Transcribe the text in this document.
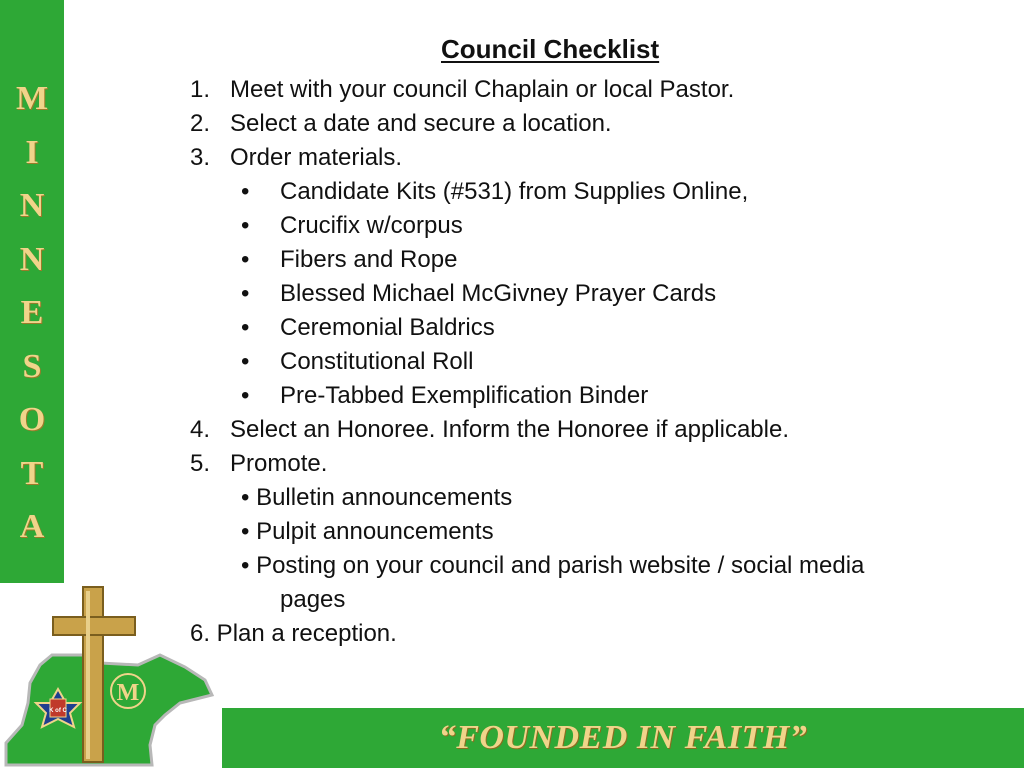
M
I
N
N
E
S
O
T
A
Council Checklist
1. Meet with your council Chaplain or local Pastor.
2. Select a date and secure a location.
3. Order materials.
• Candidate Kits (#531) from Supplies Online,
• Crucifix w/corpus
• Fibers and Rope
• Blessed Michael McGivney Prayer Cards
• Ceremonial Baldrics
• Constitutional Roll
• Pre-Tabbed Exemplification Binder
4. Select an Honoree. Inform the Honoree if applicable.
5. Promote.
• Bulletin announcements
• Pulpit announcements
• Posting on your council and parish website / social media
pages
6. Plan a reception.
M
K of C
“FOUNDED IN FAITH”
